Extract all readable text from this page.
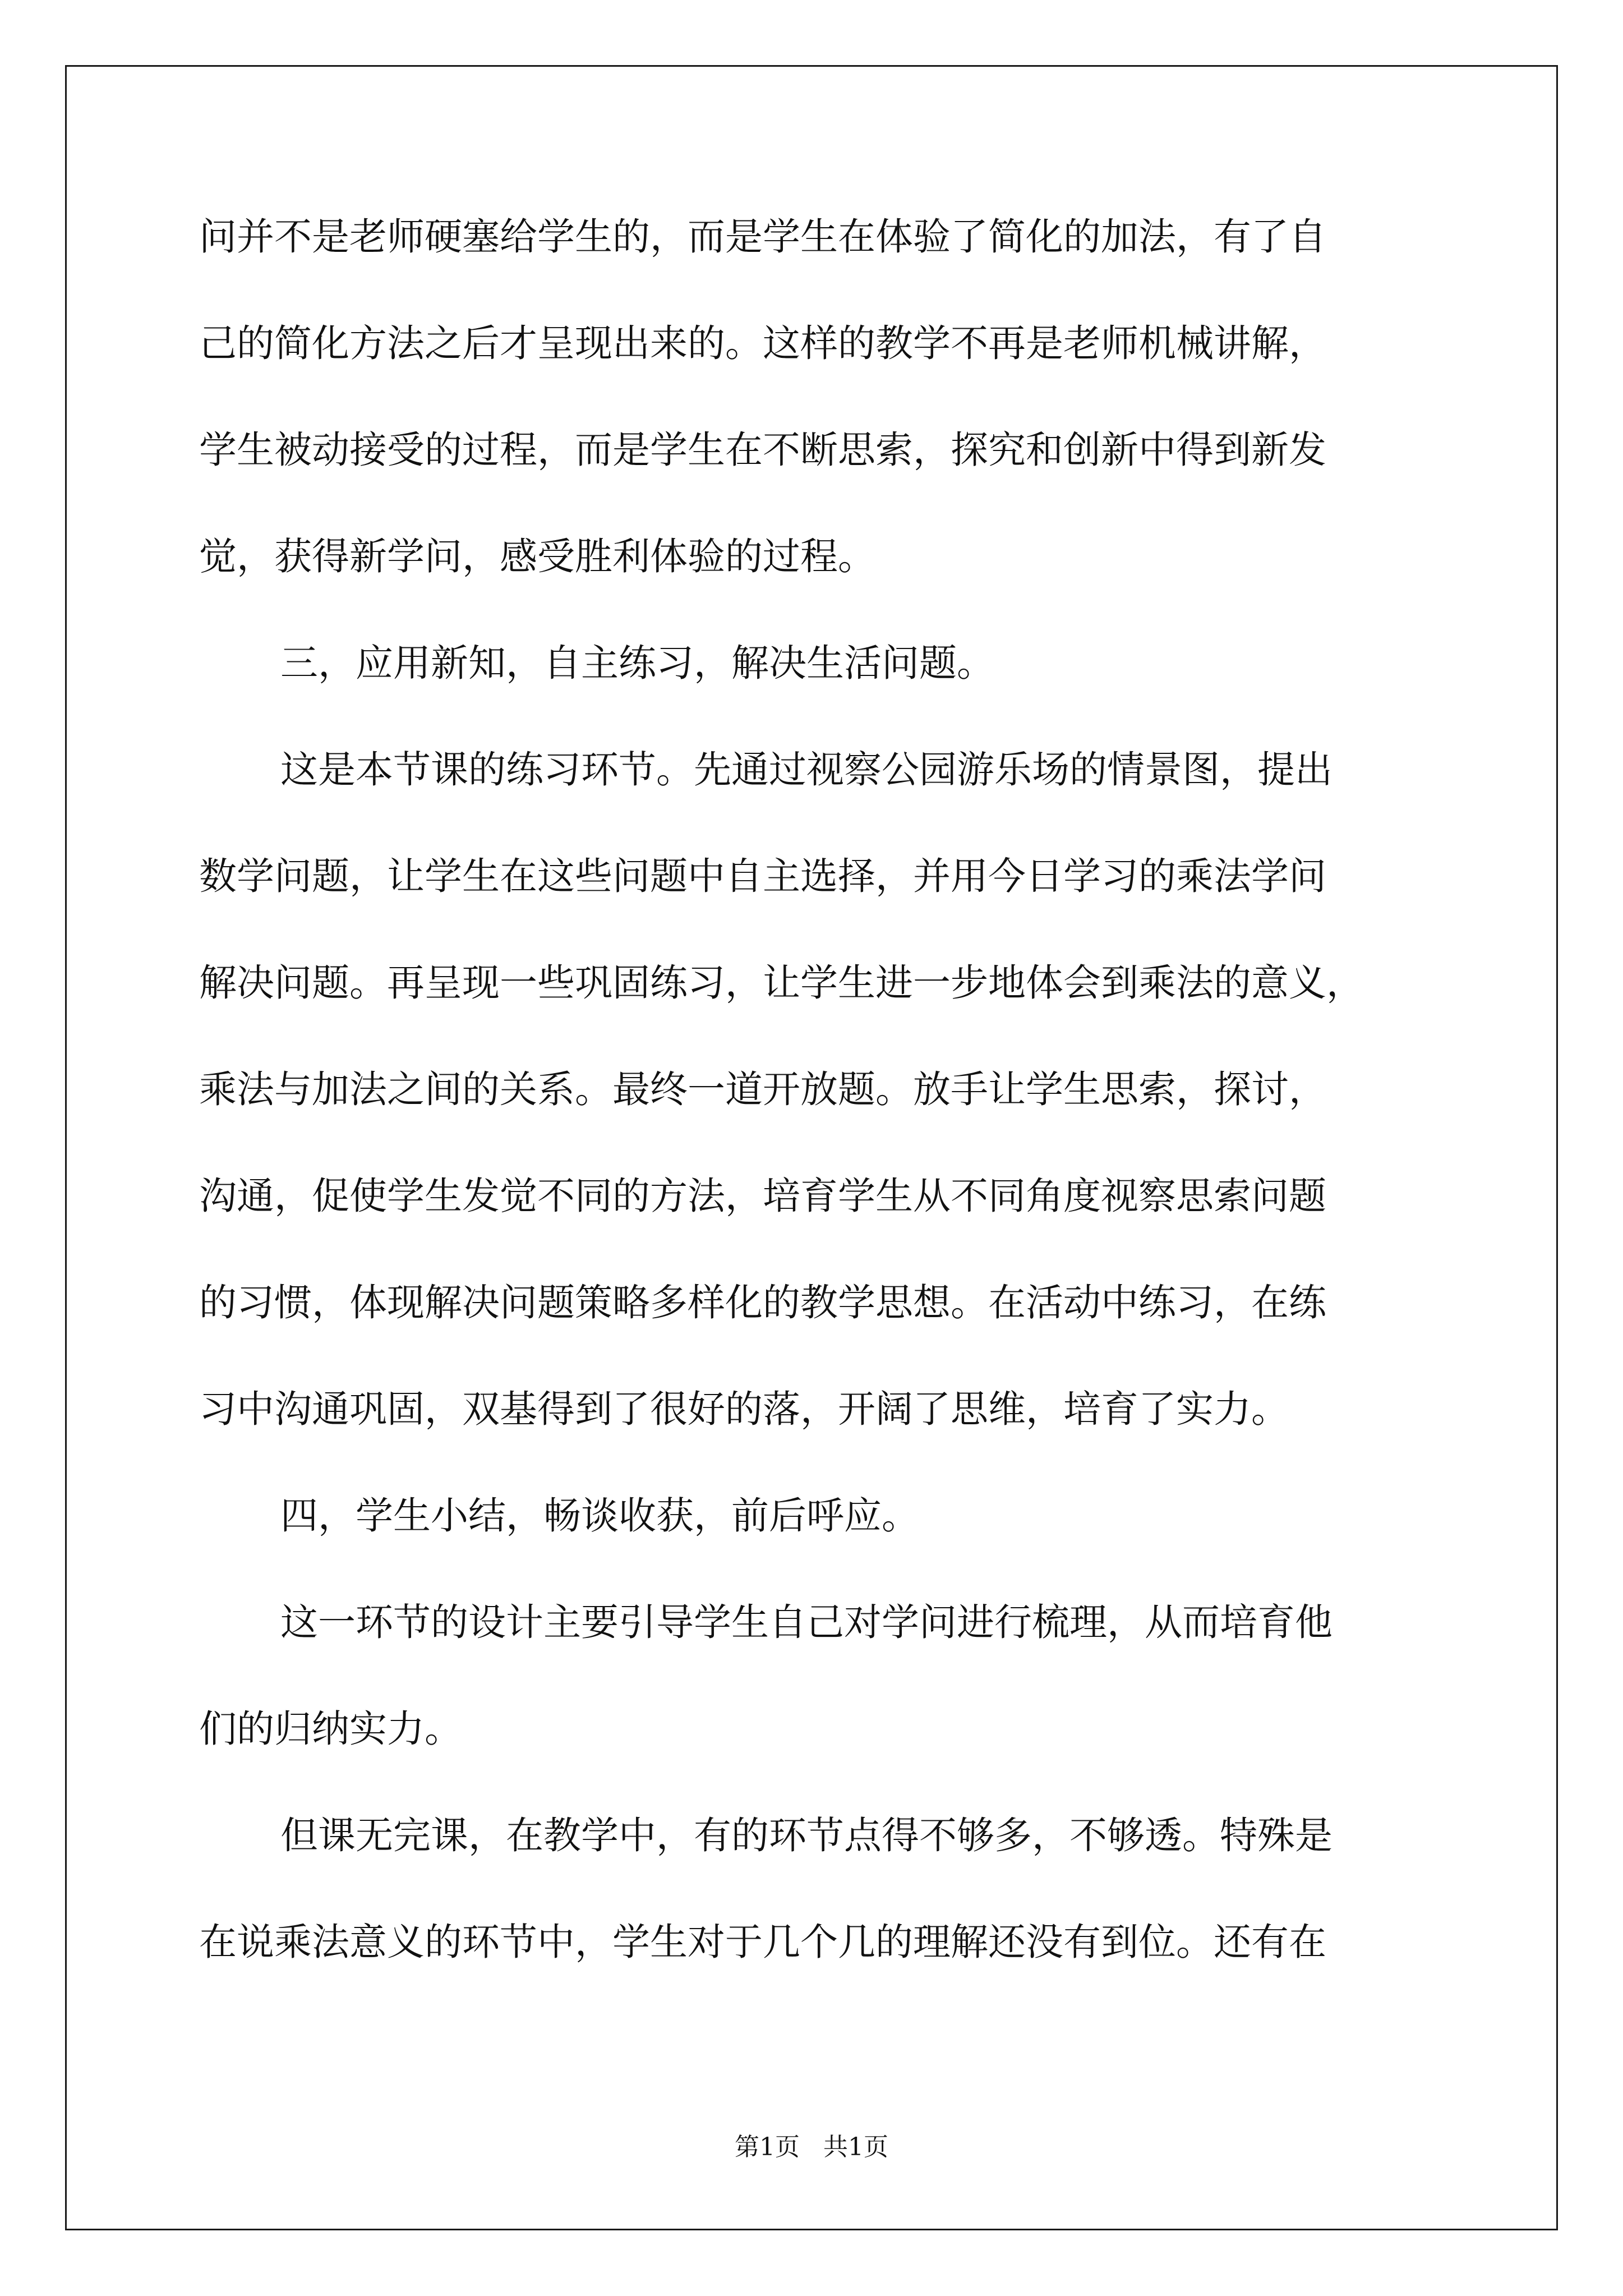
问并不是老师硬塞给学生的，而是学生在体验了简化的加法，有了自
己的简化方法之后才呈现出来的。这样的教学不再是老师机械讲解，
学生被动接受的过程，而是学生在不断思索，探究和创新中得到新发
觉，获得新学问，感受胜利体验的过程。
三，应用新知，自主练习，解决生活问题。
这是本节课的练习环节。先通过视察公园游乐场的情景图，提出
数学问题，让学生在这些问题中自主选择，并用今日学习的乘法学问
解决问题。再呈现一些巩固练习，让学生进一步地体会到乘法的意义，
乘法与加法之间的关系。最终一道开放题。放手让学生思索，探讨，
沟通，促使学生发觉不同的方法，培育学生从不同角度视察思索问题
的习惯，体现解决问题策略多样化的教学思想。在活动中练习，在练
习中沟通巩固，双基得到了很好的落，开阔了思维，培育了实力。
四，学生小结，畅谈收获，前后呼应。
这一环节的设计主要引导学生自己对学问进行梳理，从而培育他
们的归纳实力。
但课无完课，在教学中，有的环节点得不够多，不够透。特殊是
在说乘法意义的环节中，学生对于几个几的理解还没有到位。还有在
第1页   共1页
